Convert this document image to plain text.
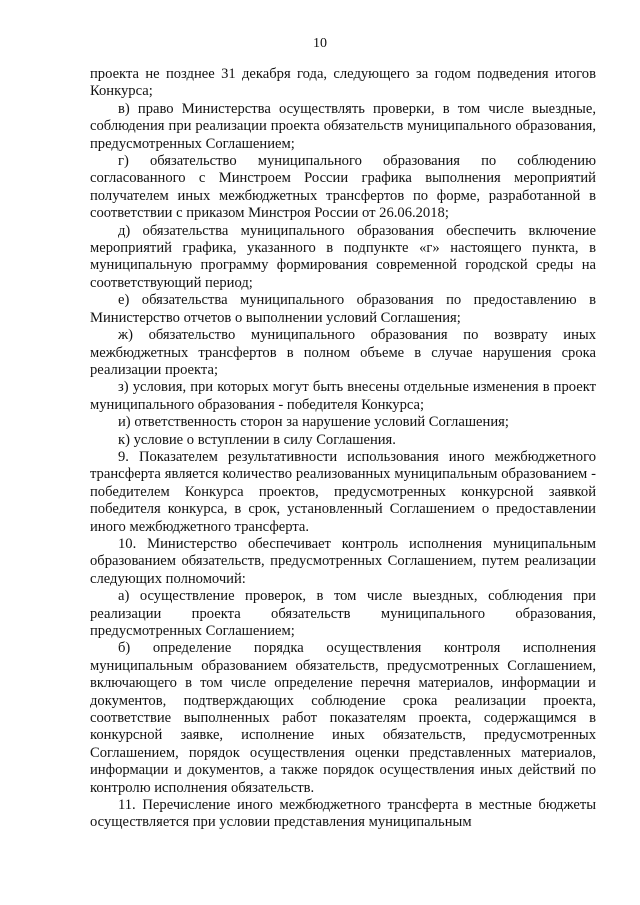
10

проекта не позднее 31 декабря года, следующего за годом подведения итогов Конкурса;

в) право Министерства осуществлять проверки, в том числе выездные, соблюдения при реализации проекта обязательств муниципального образования, предусмотренных Соглашением;

г) обязательство муниципального образования по соблюдению согласованного с Минстроем России графика выполнения мероприятий получателем иных межбюджетных трансфертов по форме, разработанной в соответствии с приказом Минстроя России от 26.06.2018;

д) обязательства муниципального образования обеспечить включение мероприятий графика, указанного в подпункте «г» настоящего пункта, в муниципальную программу формирования современной городской среды на соответствующий период;

е) обязательства муниципального образования по предоставлению в Министерство отчетов о выполнении условий Соглашения;

ж) обязательство муниципального образования по возврату иных межбюджетных трансфертов в полном объеме в случае нарушения срока реализации проекта;

з) условия, при которых могут быть внесены отдельные изменения в проект муниципального образования - победителя Конкурса;

и) ответственность сторон за нарушение условий Соглашения;

к) условие о вступлении в силу Соглашения.

9. Показателем результативности использования иного межбюджетного трансферта является количество реализованных муниципальным образованием - победителем Конкурса проектов, предусмотренных конкурсной заявкой победителя конкурса, в срок, установленный Соглашением о предоставлении иного межбюджетного трансферта.

10. Министерство обеспечивает контроль исполнения муниципальным образованием обязательств, предусмотренных Соглашением, путем реализации следующих полномочий:

а) осуществление проверок, в том числе выездных, соблюдения при реализации проекта обязательств муниципального образования, предусмотренных Соглашением;

б) определение порядка осуществления контроля исполнения муниципальным образованием обязательств, предусмотренных Соглашением, включающего в том числе определение перечня материалов, информации и документов, подтверждающих соблюдение срока реализации проекта, соответствие выполненных работ показателям проекта, содержащимся в конкурсной заявке, исполнение иных обязательств, предусмотренных Соглашением, порядок осуществления оценки представленных материалов, информации и документов, а также порядок осуществления иных действий по контролю исполнения обязательств.

11. Перечисление иного межбюджетного трансферта в местные бюджеты осуществляется при условии представления муниципальным
